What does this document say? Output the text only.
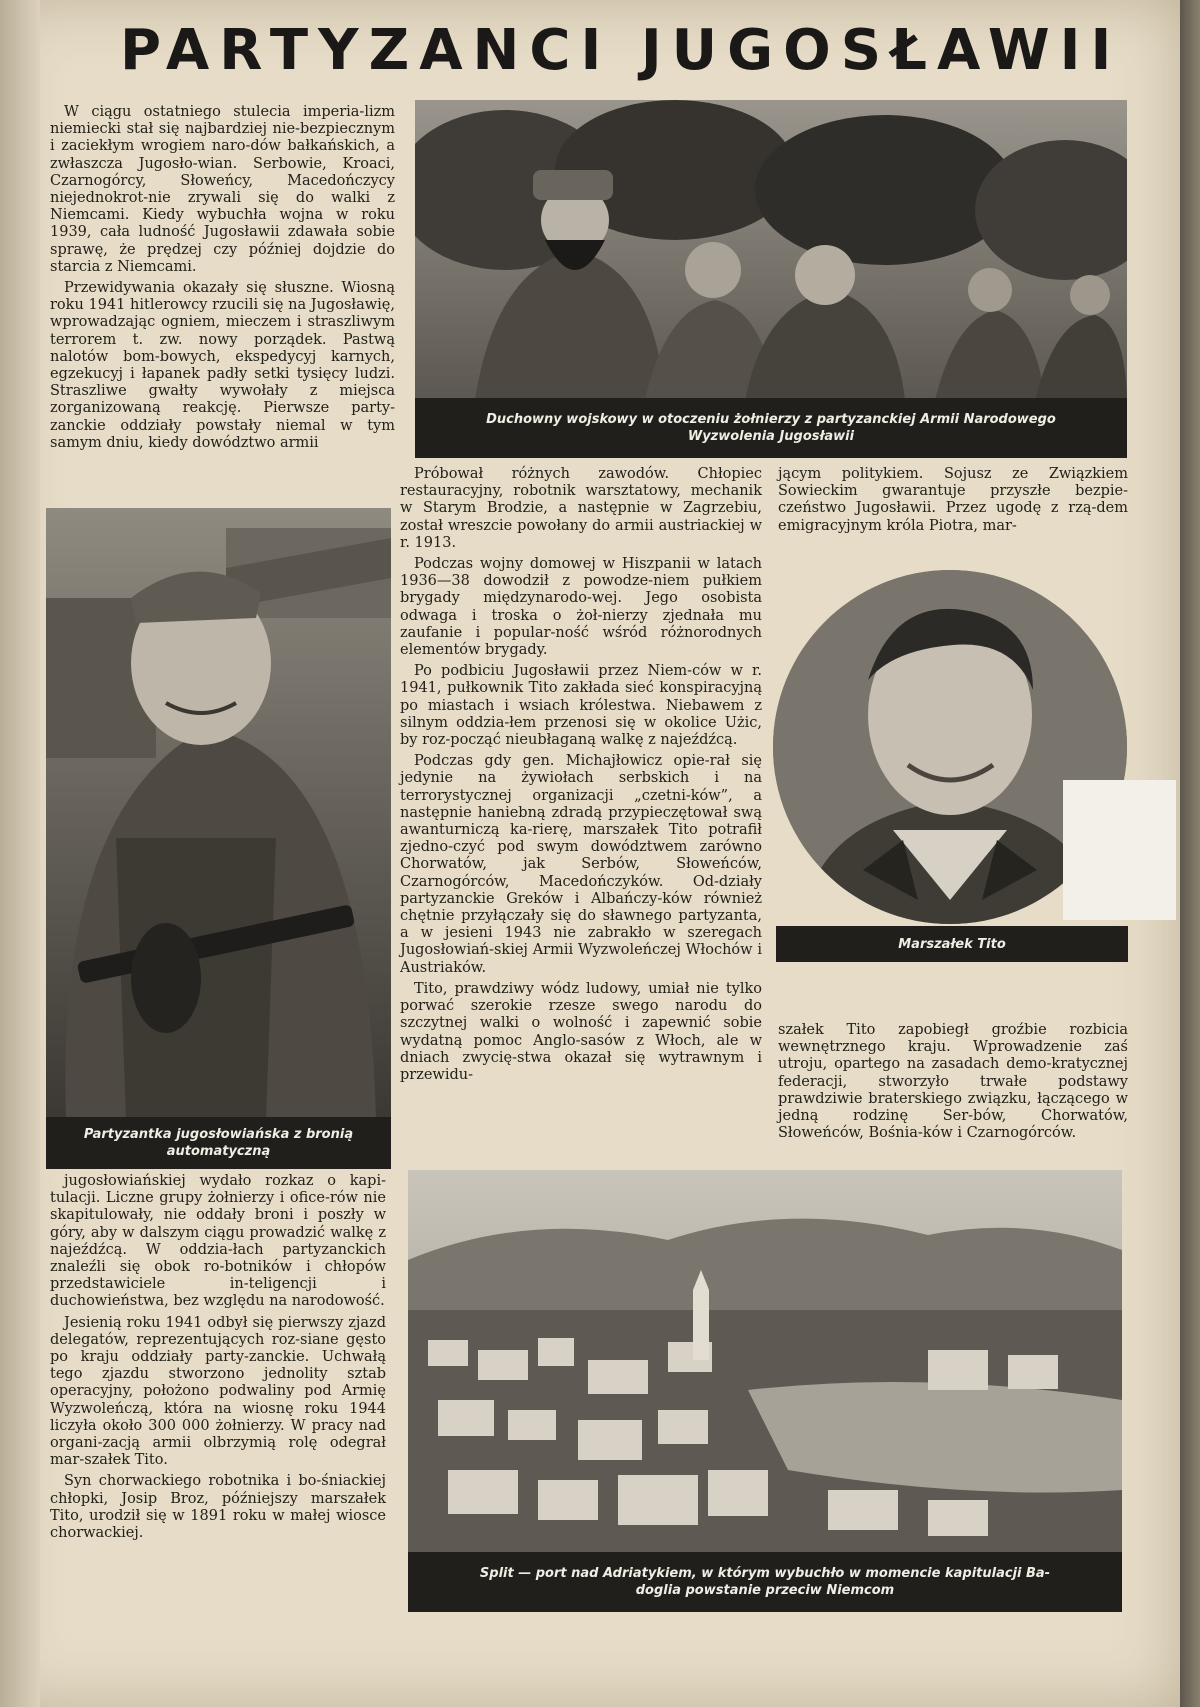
PARTYZANCI JUGOSŁAWII

W ciągu ostatniego stulecia imperia-lizm niemiecki stał się najbardziej nie-bezpiecznym i zaciekłym wrogiem naro-dów bałkańskich, a zwłaszcza Jugosło-wian. Serbowie, Kroaci, Czarnogórcy, Słoweńcy, Macedończycy niejednokrot-nie zrywali się do walki z Niemcami. Kiedy wybuchła wojna w roku 1939, cała ludność Jugosławii zdawała sobie sprawę, że prędzej czy później dojdzie do starcia z Niemcami.

Przewidywania okazały się słuszne. Wiosną roku 1941 hitlerowcy rzucili się na Jugosławię, wprowadzając ogniem, mieczem i straszliwym terrorem t. zw. nowy porządek. Pastwą nalotów bom-bowych, ekspedycyj karnych, egzekucyj i łapanek padły setki tysięcy ludzi. Straszliwe gwałty wywołały z miejsca zorganizowaną reakcję. Pierwsze party-zanckie oddziały powstały niemal w tym samym dniu, kiedy dowództwo armii

Duchowny wojskowy w otoczeniu żołnierzy z partyzanckiej Armii Narodowego
Wyzwolenia Jugosławii
Partyzantka jugosłowiańska z bronią
automatyczną

jugosłowiańskiej wydało rozkaz o kapi-tulacji. Liczne grupy żołnierzy i ofice-rów nie skapitulowały, nie oddały broni i poszły w góry, aby w dalszym ciągu prowadzić walkę z najeźdźcą. W oddzia-łach partyzanckich znaleźli się obok ro-botników i chłopów przedstawiciele in-teligencji i duchowieństwa, bez względu na narodowość.

Jesienią roku 1941 odbył się pierwszy zjazd delegatów, reprezentujących roz-siane gęsto po kraju oddziały party-zanckie. Uchwałą tego zjazdu stworzono jednolity sztab operacyjny, położono podwaliny pod Armię Wyzwoleńczą, która na wiosnę roku 1944 liczyła około 300 000 żołnierzy. W pracy nad organi-zacją armii olbrzymią rolę odegrał mar-szałek Tito.

Syn chorwackiego robotnika i bo-śniackiej chłopki, Josip Broz, późniejszy marszałek Tito, urodził się w 1891 roku w małej wiosce chorwackiej.

Próbował różnych zawodów. Chłopiec restauracyjny, robotnik warsztatowy, mechanik w Starym Brodzie, a następnie w Zagrzebiu, został wreszcie powołany do armii austriackiej w r. 1913.

Podczas wojny domowej w Hiszpanii w latach 1936—38 dowodził z powodze-niem pułkiem brygady międzynarodo-wej. Jego osobista odwaga i troska o żoł-nierzy zjednała mu zaufanie i popular-ność wśród różnorodnych elementów brygady.

Po podbiciu Jugosławii przez Niem-ców w r. 1941, pułkownik Tito zakłada sieć konspiracyjną po miastach i wsiach królestwa. Niebawem z silnym oddzia-łem przenosi się w okolice Użic, by roz-począć nieubłaganą walkę z najeźdźcą.

Podczas gdy gen. Michajłowicz opie-rał się jedynie na żywiołach serbskich i na terrorystycznej organizacji „czetni-ków”, a następnie haniebną zdradą przypieczętował swą awanturniczą ka-rierę, marszałek Tito potrafił zjedno-czyć pod swym dowództwem zarówno Chorwatów, jak Serbów, Słoweńców, Czarnogórców, Macedończyków. Od-działy partyzanckie Greków i Albańczy-ków również chętnie przyłączały się do sławnego partyzanta, a w jesieni 1943 nie zabrakło w szeregach Jugosłowiań-skiej Armii Wyzwoleńczej Włochów i Austriaków.

Tito, prawdziwy wódz ludowy, umiał nie tylko porwać szerokie rzesze swego narodu do szczytnej walki o wolność i zapewnić sobie wydatną pomoc Anglo-sasów z Włoch, ale w dniach zwycię-stwa okazał się wytrawnym i przewidu-

jącym politykiem. Sojusz ze Związkiem Sowieckim gwarantuje przyszłe bezpie-czeństwo Jugosławii. Przez ugodę z rzą-dem emigracyjnym króla Piotra, mar-

Marszałek Tito

szałek Tito zapobiegł groźbie rozbicia wewnętrznego kraju. Wprowadzenie zaś utroju, opartego na zasadach demo-kratycznej federacji, stworzyło trwałe podstawy prawdziwie braterskiego związku, łączącego w jedną rodzinę Ser-bów, Chorwatów, Słoweńców, Bośnia-ków i Czarnogórców.

Split — port nad Adriatykiem, w którym wybuchło w momencie kapitulacji Ba-
doglia powstanie przeciw Niemcom
